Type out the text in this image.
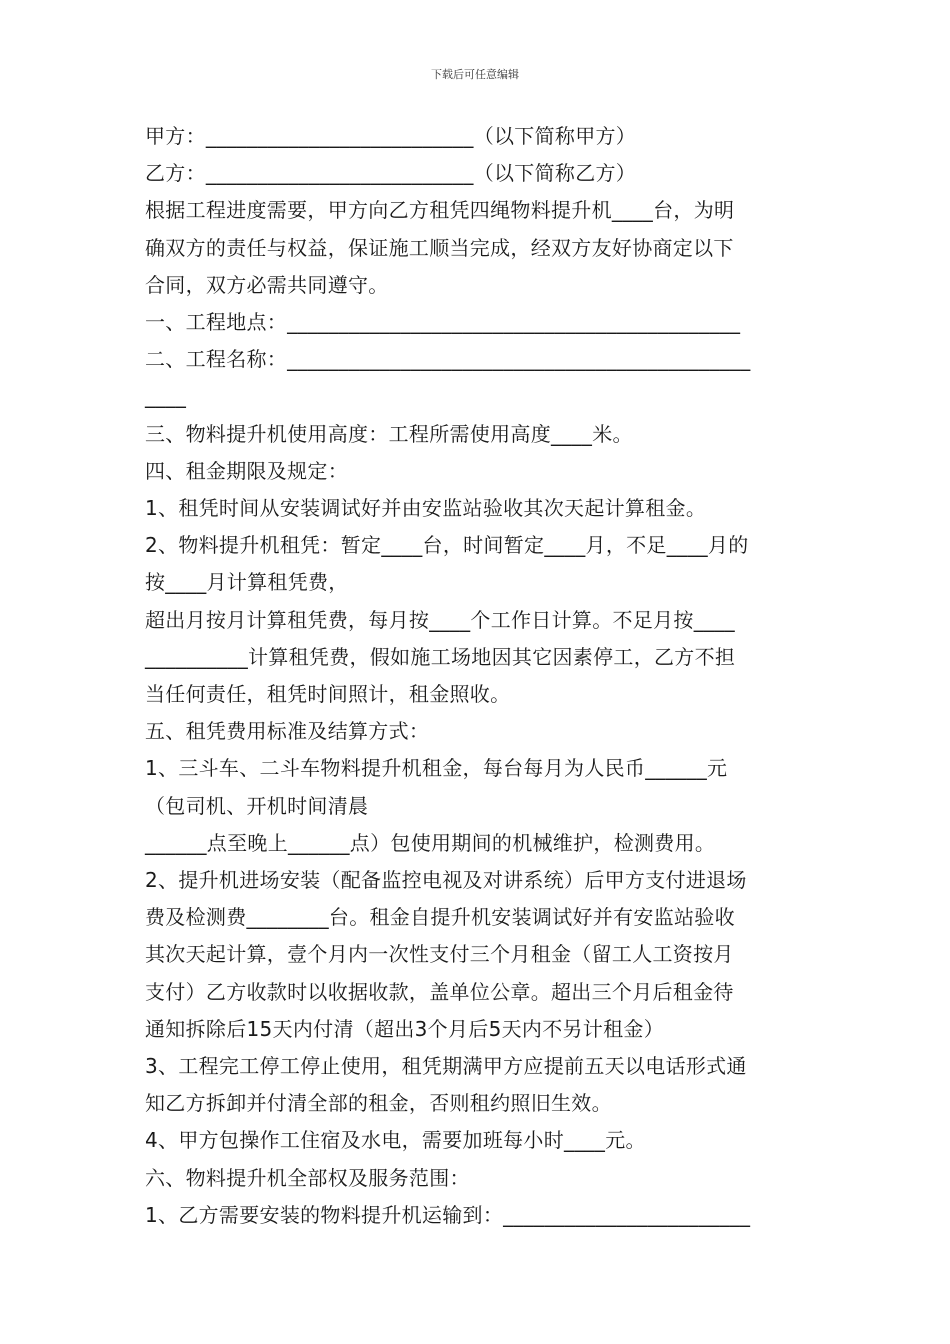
下载后可任意编辑
甲方：__________________________（以下简称甲方）
乙方：__________________________（以下简称乙方）
根据工程进度需要，甲方向乙方租凭四绳物料提升机____台，为明
确双方的责任与权益，保证施工顺当完成，经双方友好协商定以下
合同，双方必需共同遵守。
一、工程地点：____________________________________________
二、工程名称：_____________________________________________
____
三、物料提升机使用高度：工程所需使用高度____米。
四、租金期限及规定：
1、租凭时间从安装调试好并由安监站验收其次天起计算租金。
2、物料提升机租凭：暂定____台，时间暂定____月，不足____月的
按____月计算租凭费，
超出月按月计算租凭费，每月按____个工作日计算。不足月按____
__________计算租凭费，假如施工场地因其它因素停工，乙方不担
当任何责任，租凭时间照计，租金照收。
五、租凭费用标准及结算方式：
1、三斗车、二斗车物料提升机租金，每台每月为人民币______元
（包司机、开机时间清晨
______点至晚上______点）包使用期间的机械维护，检测费用。
2、提升机进场安装（配备监控电视及对讲系统）后甲方支付进退场
费及检测费________台。租金自提升机安装调试好并有安监站验收
其次天起计算，壹个月内一次性支付三个月租金（留工人工资按月
支付）乙方收款时以收据收款，盖单位公章。超出三个月后租金待
通知拆除后15天内付清（超出3个月后5天内不另计租金）
3、工程完工停工停止使用，租凭期满甲方应提前五天以电话形式通
知乙方拆卸并付清全部的租金，否则租约照旧生效。
4、甲方包操作工住宿及水电，需要加班每小时____元。
六、物料提升机全部权及服务范围：
1、乙方需要安装的物料提升机运输到：________________________
